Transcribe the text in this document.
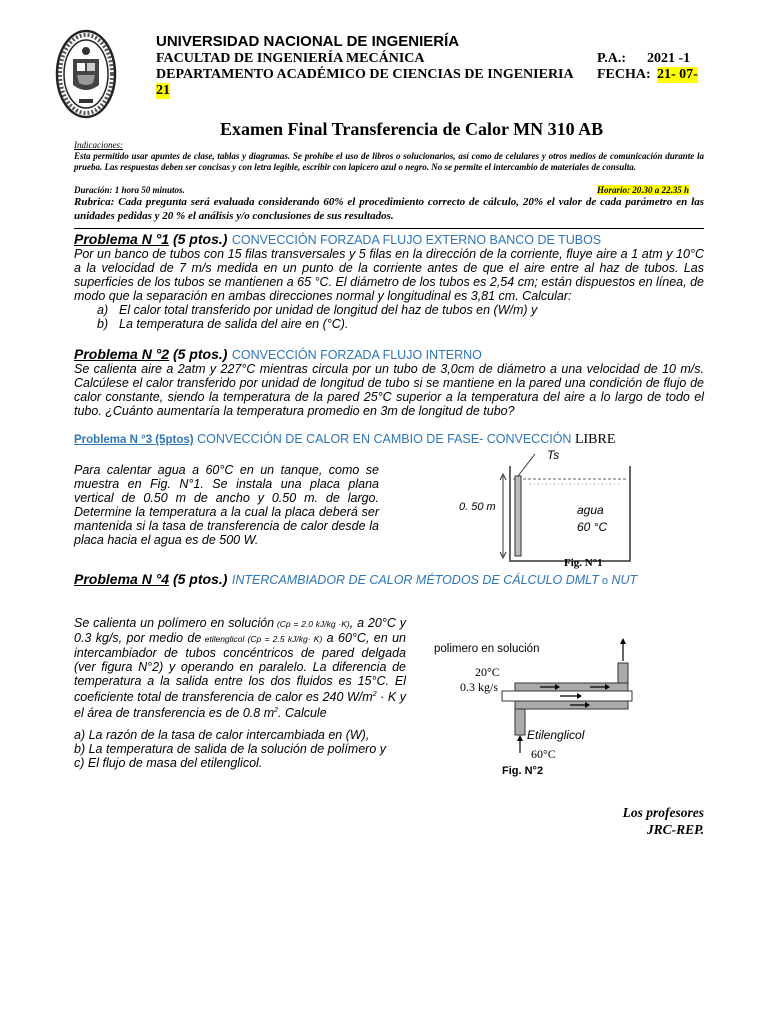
UNIVERSIDAD NACIONAL DE INGENIERÍA
FACULTAD DE INGENIERÍA MECÁNICA	P.A.: 2021 -1
DEPARTAMENTO ACADÉMICO DE CIENCIAS DE INGENIERIA FECHA: 21- 07-
21
Examen Final Transferencia de Calor MN 310 AB
Indicaciones:
Esta permitido usar apuntes de clase, tablas y diagramas. Se prohíbe el uso de libros o solucionarios, así como de celulares y otros medios de comunicación durante la prueba. Las respuestas deben ser concisas y con letra legible, escribir con lapicero azul o negro. No se permite el intercambio de materiales de consulta.
Duración: 1 hora 50 minutos.	Horario: 20.30 a 22.35 h
Rubrica: Cada pregunta será evaluada considerando 60% el procedimiento correcto de cálculo, 20% el valor de cada parámetro en las unidades pedidas y 20 % el análisis y/o conclusiones de sus resultados.
Problema N °1 (5 ptos.) CONVECCIÓN FORZADA FLUJO EXTERNO BANCO DE TUBOS
Por un banco de tubos con 15 filas transversales y 5 filas en la dirección de la corriente, fluye aire a 1 atm y 10°C a la velocidad de 7 m/s medida en un punto de la corriente antes de que el aire entre al haz de tubos. Las superficies de los tubos se mantienen a 65 °C. El diámetro de los tubos es 2,54 cm; están dispuestos en línea, de modo que la separación en ambas direcciones normal y longitudinal es 3,81 cm. Calcular:
a) El calor total transferido por unidad de longitud del haz de tubos en (W/m) y
b) La temperatura de salida del aire en (°C).
Problema N °2 (5 ptos.) CONVECCIÓN FORZADA FLUJO INTERNO
Se calienta aire a 2atm y 227°C mientras circula por un tubo de 3,0cm de diámetro a una velocidad de 10 m/s. Calcúlese el calor transferido por unidad de longitud de tubo si se mantiene en la pared una condición de flujo de calor constante, siendo la temperatura de la pared 25°C superior a la temperatura del aire a lo largo de todo el tubo. ¿Cuánto aumentaría la temperatura promedio en 3m de longitud de tubo?
Problema N °3 (5ptos) CONVECCIÓN DE CALOR EN CAMBIO DE FASE- CONVECCIÓN LIBRE
Para calentar agua a 60°C en un tanque, como se muestra en Fig. N°1. Se instala una placa plana vertical de 0.50 m de ancho y 0.50 m. de largo. Determine la temperatura a la cual la placa deberá ser mantenida si la tasa de transferencia de calor desde la placa hacia el agua es de 500 W.
Ts
0. 50 m	agua
60 °C
Fig. N°1
Problema N °4 (5 ptos.) INTERCAMBIADOR DE CALOR MÉTODOS DE CÁLCULO DMLT o NUT
Se calienta un polímero en solución (Cp = 2.0 kJ/kg ·K), a 20°C y 0.3 kg/s, por medio de etilenglicol (Cp = 2.5 kJ/kg· K) a 60°C, en un intercambiador de tubos concéntricos de pared delgada (ver figura N°2) y operando en paralelo. La diferencia de temperatura a la salida entre los dos fluidos es 15°C. El coeficiente total de transferencia de calor es 240 $W/m^2 \cdot K$ y el área de transferencia es de 0.8 $m^2$. Calcule
a) La razón de la tasa de calor intercambiada en (W),
b) La temperatura de salida de la solución de polímero y
c) El flujo de masa del etilenglicol.
polimero en solución
20°C
0.3 kg/s
Etilenglicol
60°C
Fig. N°2
Los profesores
JRC-REP.
